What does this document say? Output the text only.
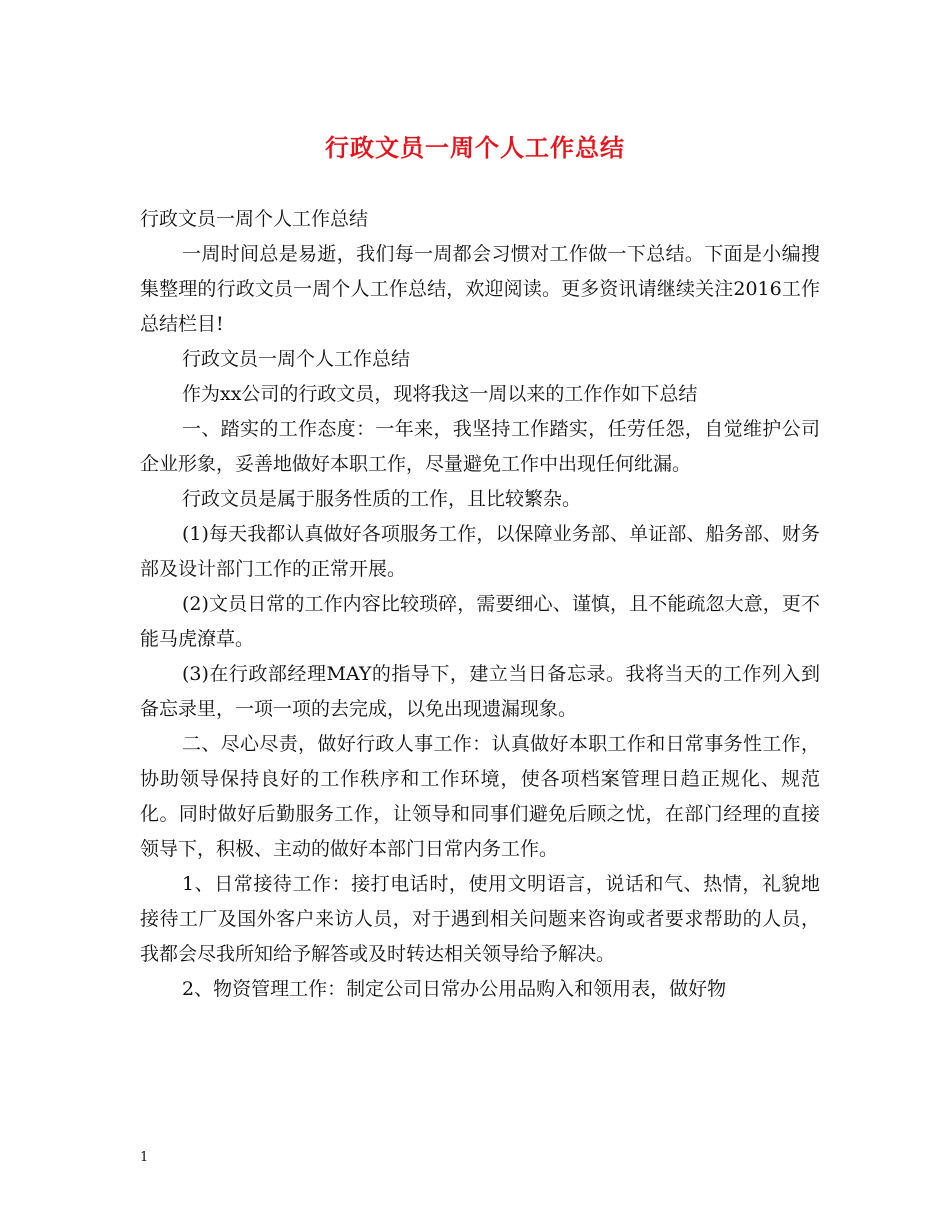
行政文员一周个人工作总结

行政文员一周个人工作总结

一周时间总是易逝，我们每一周都会习惯对工作做一下总结。下面是小编搜集整理的行政文员一周个人工作总结，欢迎阅读。更多资讯请继续关注2016工作总结栏目!

行政文员一周个人工作总结

作为xx公司的行政文员，现将我这一周以来的工作作如下总结

一、踏实的工作态度：一年来，我坚持工作踏实，任劳任怨，自觉维护公司企业形象，妥善地做好本职工作，尽量避免工作中出现任何纰漏。

行政文员是属于服务性质的工作，且比较繁杂。

(1)每天我都认真做好各项服务工作，以保障业务部、单证部、船务部、财务部及设计部门工作的正常开展。

(2)文员日常的工作内容比较琐碎，需要细心、谨慎，且不能疏忽大意，更不能马虎潦草。

(3)在行政部经理MAY的指导下，建立当日备忘录。我将当天的工作列入到备忘录里，一项一项的去完成，以免出现遗漏现象。

二、尽心尽责，做好行政人事工作：认真做好本职工作和日常事务性工作，协助领导保持良好的工作秩序和工作环境，使各项档案管理日趋正规化、规范化。同时做好后勤服务工作，让领导和同事们避免后顾之忧，在部门经理的直接领导下，积极、主动的做好本部门日常内务工作。

1、日常接待工作：接打电话时，使用文明语言，说话和气、热情，礼貌地接待工厂及国外客户来访人员，对于遇到相关问题来咨询或者要求帮助的人员，我都会尽我所知给予解答或及时转达相关领导给予解决。

2、物资管理工作：制定公司日常办公用品购入和领用表，做好物

1
